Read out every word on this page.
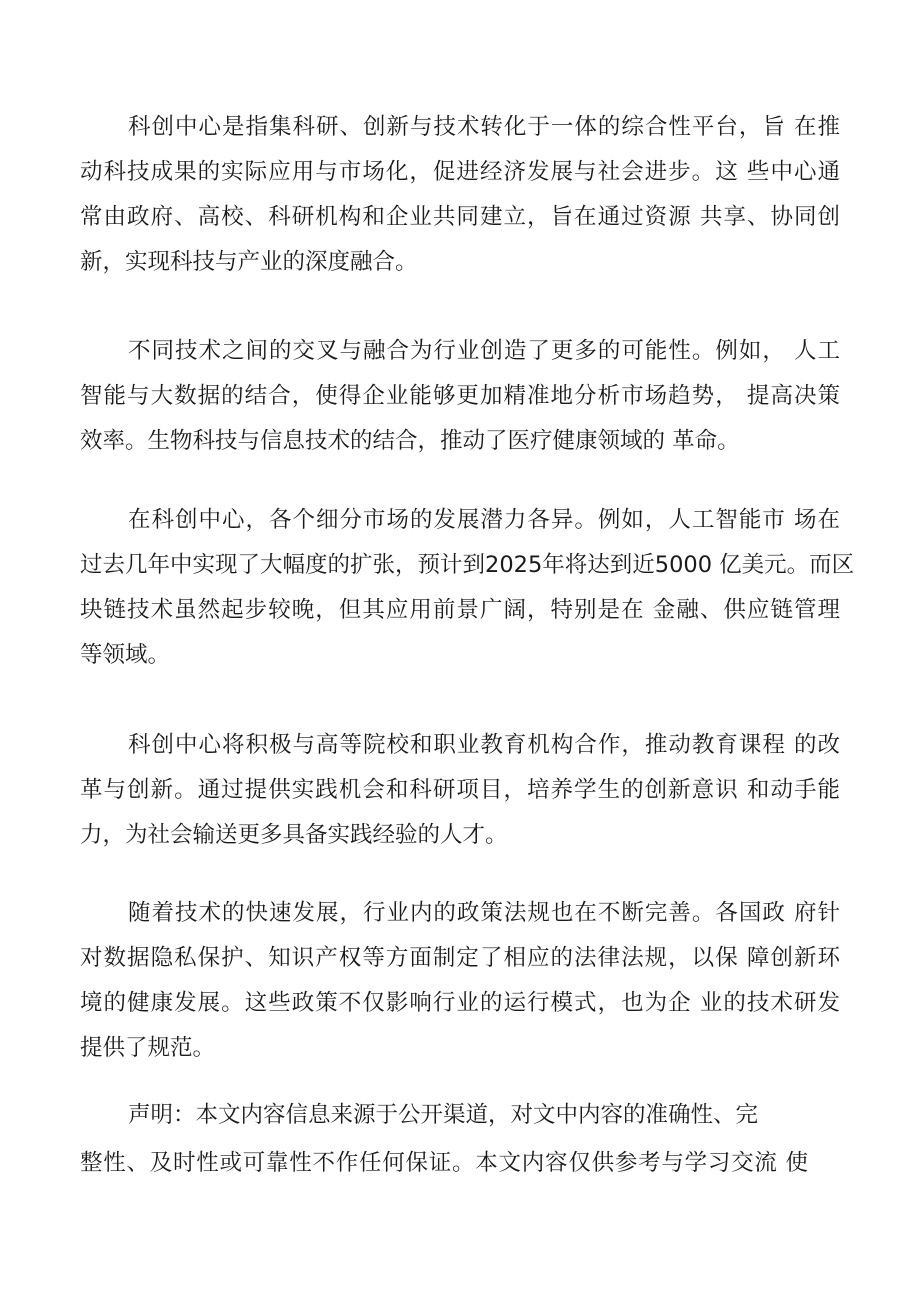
科创中心是指集科研、创新与技术转化于一体的综合性平台，旨 在推
动科技成果的实际应用与市场化，促进经济发展与社会进步。这 些中心通
常由政府、高校、科研机构和企业共同建立，旨在通过资源 共享、协同创
新，实现科技与产业的深度融合。
不同技术之间的交叉与融合为行业创造了更多的可能性。例如， 人工
智能与大数据的结合，使得企业能够更加精准地分析市场趋势， 提高决策
效率。生物科技与信息技术的结合，推动了医疗健康领域的 革命。
在科创中心，各个细分市场的发展潜力各异。例如，人工智能市 场在
过去几年中实现了大幅度的扩张，预计到2025年将达到近5000 亿美元。而区
块链技术虽然起步较晚，但其应用前景广阔，特别是在 金融、供应链管理
等领域。
科创中心将积极与高等院校和职业教育机构合作，推动教育课程 的改
革与创新。通过提供实践机会和科研项目，培养学生的创新意识 和动手能
力，为社会输送更多具备实践经验的人才。
随着技术的快速发展，行业内的政策法规也在不断完善。各国政 府针
对数据隐私保护、知识产权等方面制定了相应的法律法规，以保 障创新环
境的健康发展。这些政策不仅影响行业的运行模式，也为企 业的技术研发
提供了规范。
声明：本文内容信息来源于公开渠道，对文中内容的准确性、完
整性、及时性或可靠性不作任何保证。本文内容仅供参考与学习交流 使
